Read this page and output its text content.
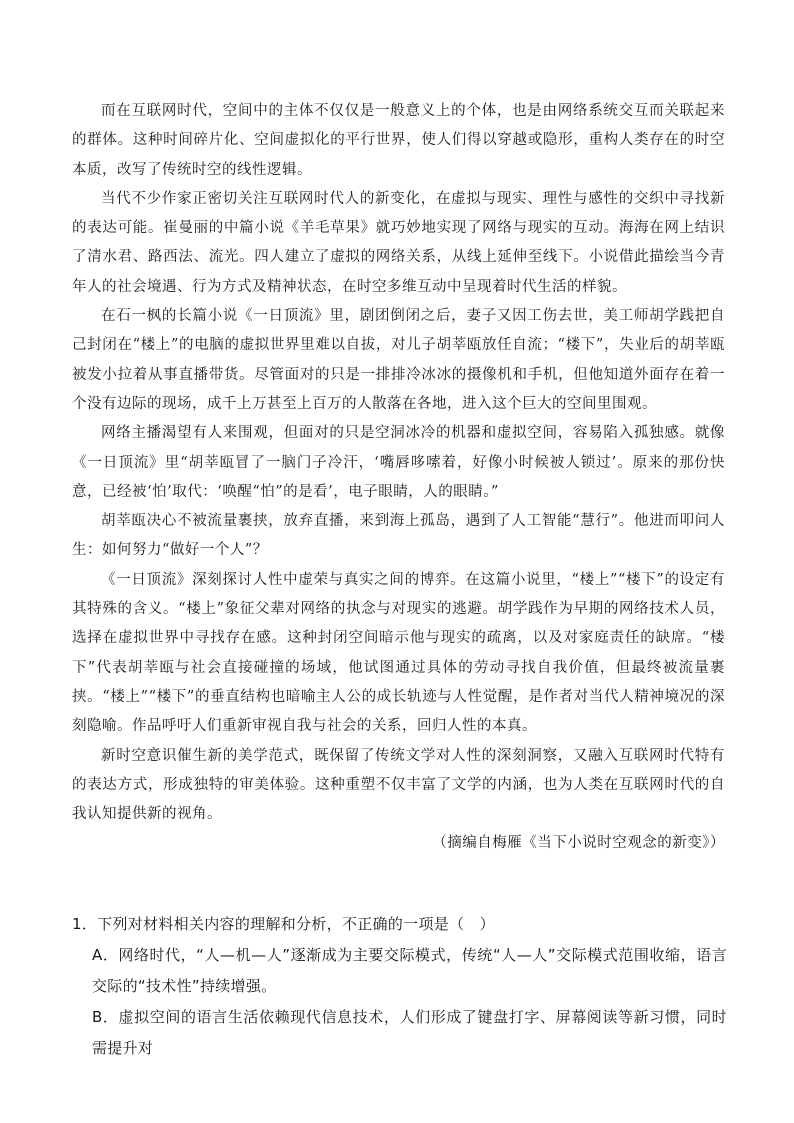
而在互联网时代，空间中的主体不仅仅是一般意义上的个体，也是由网络系统交互而关联起来的群体。这种时间碎片化、空间虚拟化的平行世界，使人们得以穿越或隐形，重构人类存在的时空本质，改写了传统时空的线性逻辑。

当代不少作家正密切关注互联网时代人的新变化，在虚拟与现实、理性与感性的交织中寻找新的表达可能。崔曼丽的中篇小说《羊毛草果》就巧妙地实现了网络与现实的互动。海海在网上结识了清水君、路西法、流光。四人建立了虚拟的网络关系，从线上延伸至线下。小说借此描绘当今青年人的社会境遇、行为方式及精神状态，在时空多维互动中呈现着时代生活的样貌。

在石一枫的长篇小说《一日顶流》里，剧团倒闭之后，妻子又因工伤去世，美工师胡学践把自己封闭在“楼上”的电脑的虚拟世界里难以自拔，对儿子胡莘瓯放任自流；“楼下”，失业后的胡莘瓯被发小拉着从事直播带货。尽管面对的只是一排排冷冰冰的摄像机和手机，但他知道外面存在着一个没有边际的现场，成千上万甚至上百万的人散落在各地，进入这个巨大的空间里围观。

网络主播渴望有人来围观，但面对的只是空洞冰冷的机器和虚拟空间，容易陷入孤独感。就像《一日顶流》里“胡莘瓯冒了一脑门子冷汗，‘嘴唇哆嗦着，好像小时候被人锁过’。原来的那份快意，已经被‘怕’取代：‘唤醒“怕”的是看’，电子眼睛，人的眼睛。”

胡莘瓯决心不被流量裹挟，放弃直播，来到海上孤岛，遇到了人工智能“慧行”。他进而叩问人生：如何努力“做好一个人”？

《一日顶流》深刻探讨人性中虚荣与真实之间的博弈。在这篇小说里，“楼上”“楼下”的设定有其特殊的含义。“楼上”象征父辈对网络的执念与对现实的逃避。胡学践作为早期的网络技术人员，选择在虚拟世界中寻找存在感。这种封闭空间暗示他与现实的疏离，以及对家庭责任的缺席。“楼下”代表胡莘瓯与社会直接碰撞的场域，他试图通过具体的劳动寻找自我价值，但最终被流量裹挟。“楼上”“楼下”的垂直结构也暗喻主人公的成长轨迹与人性觉醒，是作者对当代人精神境况的深刻隐喻。作品呼吁人们重新审视自我与社会的关系，回归人性的本真。

新时空意识催生新的美学范式，既保留了传统文学对人性的深刻洞察，又融入互联网时代特有的表达方式，形成独特的审美体验。这种重塑不仅丰富了文学的内涵，也为人类在互联网时代的自我认知提供新的视角。

（摘编自梅雁《当下小说时空观念的新变》）

1．下列对材料相关内容的理解和分析，不正确的一项是（　）

A．网络时代，“人—机—人”逐渐成为主要交际模式，传统“人—人”交际模式范围收缩，语言交际的“技术性”持续增强。

B．虚拟空间的语言生活依赖现代信息技术，人们形成了键盘打字、屏幕阅读等新习惯，同时需提升对
